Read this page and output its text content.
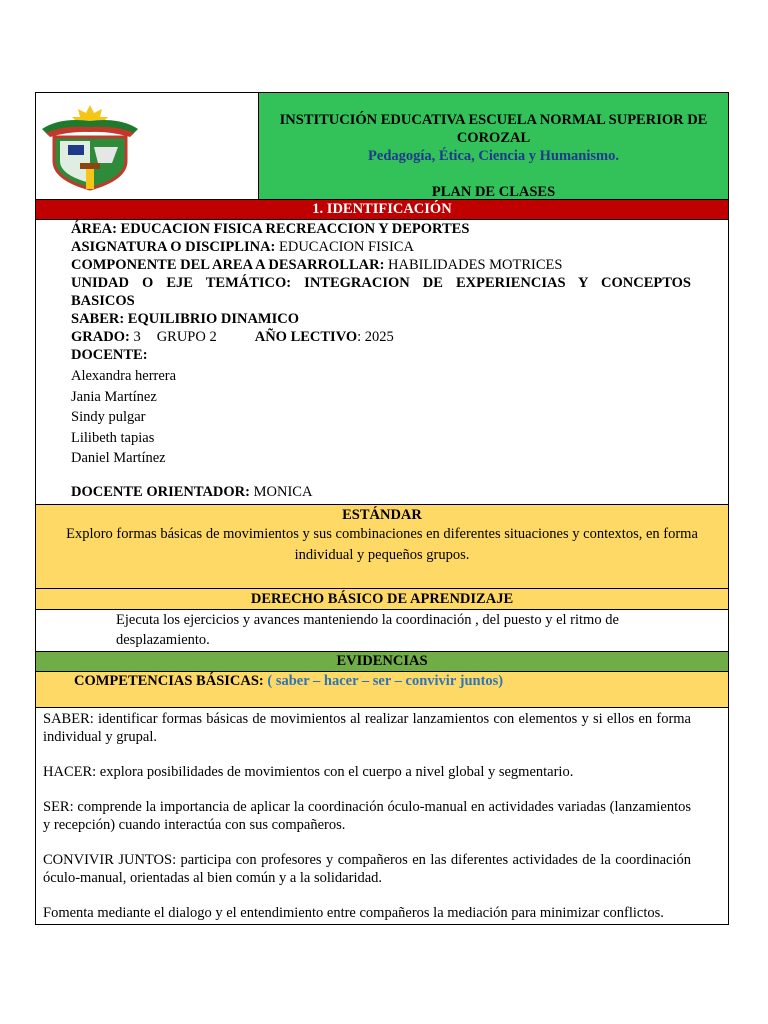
INSTITUCIÓN EDUCATIVA ESCUELA NORMAL SUPERIOR DE COROZAL
Pedagogía, Ética, Ciencia y Humanismo.
PLAN DE CLASES
1. IDENTIFICACIÓN
ÁREA: EDUCACION FISICA RECREACCION Y DEPORTES
ASIGNATURA O DISCIPLINA: EDUCACION FISICA
COMPONENTE DEL AREA A DESARROLLAR: HABILIDADES MOTRICES
UNIDAD O EJE TEMÁTICO: INTEGRACION DE EXPERIENCIAS Y CONCEPTOS
BASICOS
SABER: EQUILIBRIO DINAMICO
GRADO: 3 GRUPO 2	AÑO LECTIVO: 2025
DOCENTE:
Alexandra herrera
Jania Martínez
Sindy pulgar
Lilibeth tapias
Daniel Martínez
DOCENTE ORIENTADOR: MONICA
ESTÁNDAR
Exploro formas básicas de movimientos y sus combinaciones en diferentes situaciones y contextos, en forma individual y pequeños grupos.
DERECHO BÁSICO DE APRENDIZAJE
Ejecuta los ejercicios y avances manteniendo la coordinación , del puesto y el ritmo de desplazamiento.
EVIDENCIAS
COMPETENCIAS BÁSICAS: ( saber – hacer – ser – convivir juntos)

SABER: identificar formas básicas de movimientos al realizar lanzamientos con elementos y si ellos en forma individual y grupal.

HACER: explora posibilidades de movimientos con el cuerpo a nivel global y segmentario.

SER: comprende la importancia de aplicar la coordinación óculo-manual en actividades variadas (lanzamientos y recepción) cuando interactúa con sus compañeros.

CONVIVIR JUNTOS: participa con profesores y compañeros en las diferentes actividades de la coordinación óculo-manual, orientadas al bien común y a la solidaridad.

Fomenta mediante el dialogo y el entendimiento entre compañeros la mediación para minimizar conflictos.
